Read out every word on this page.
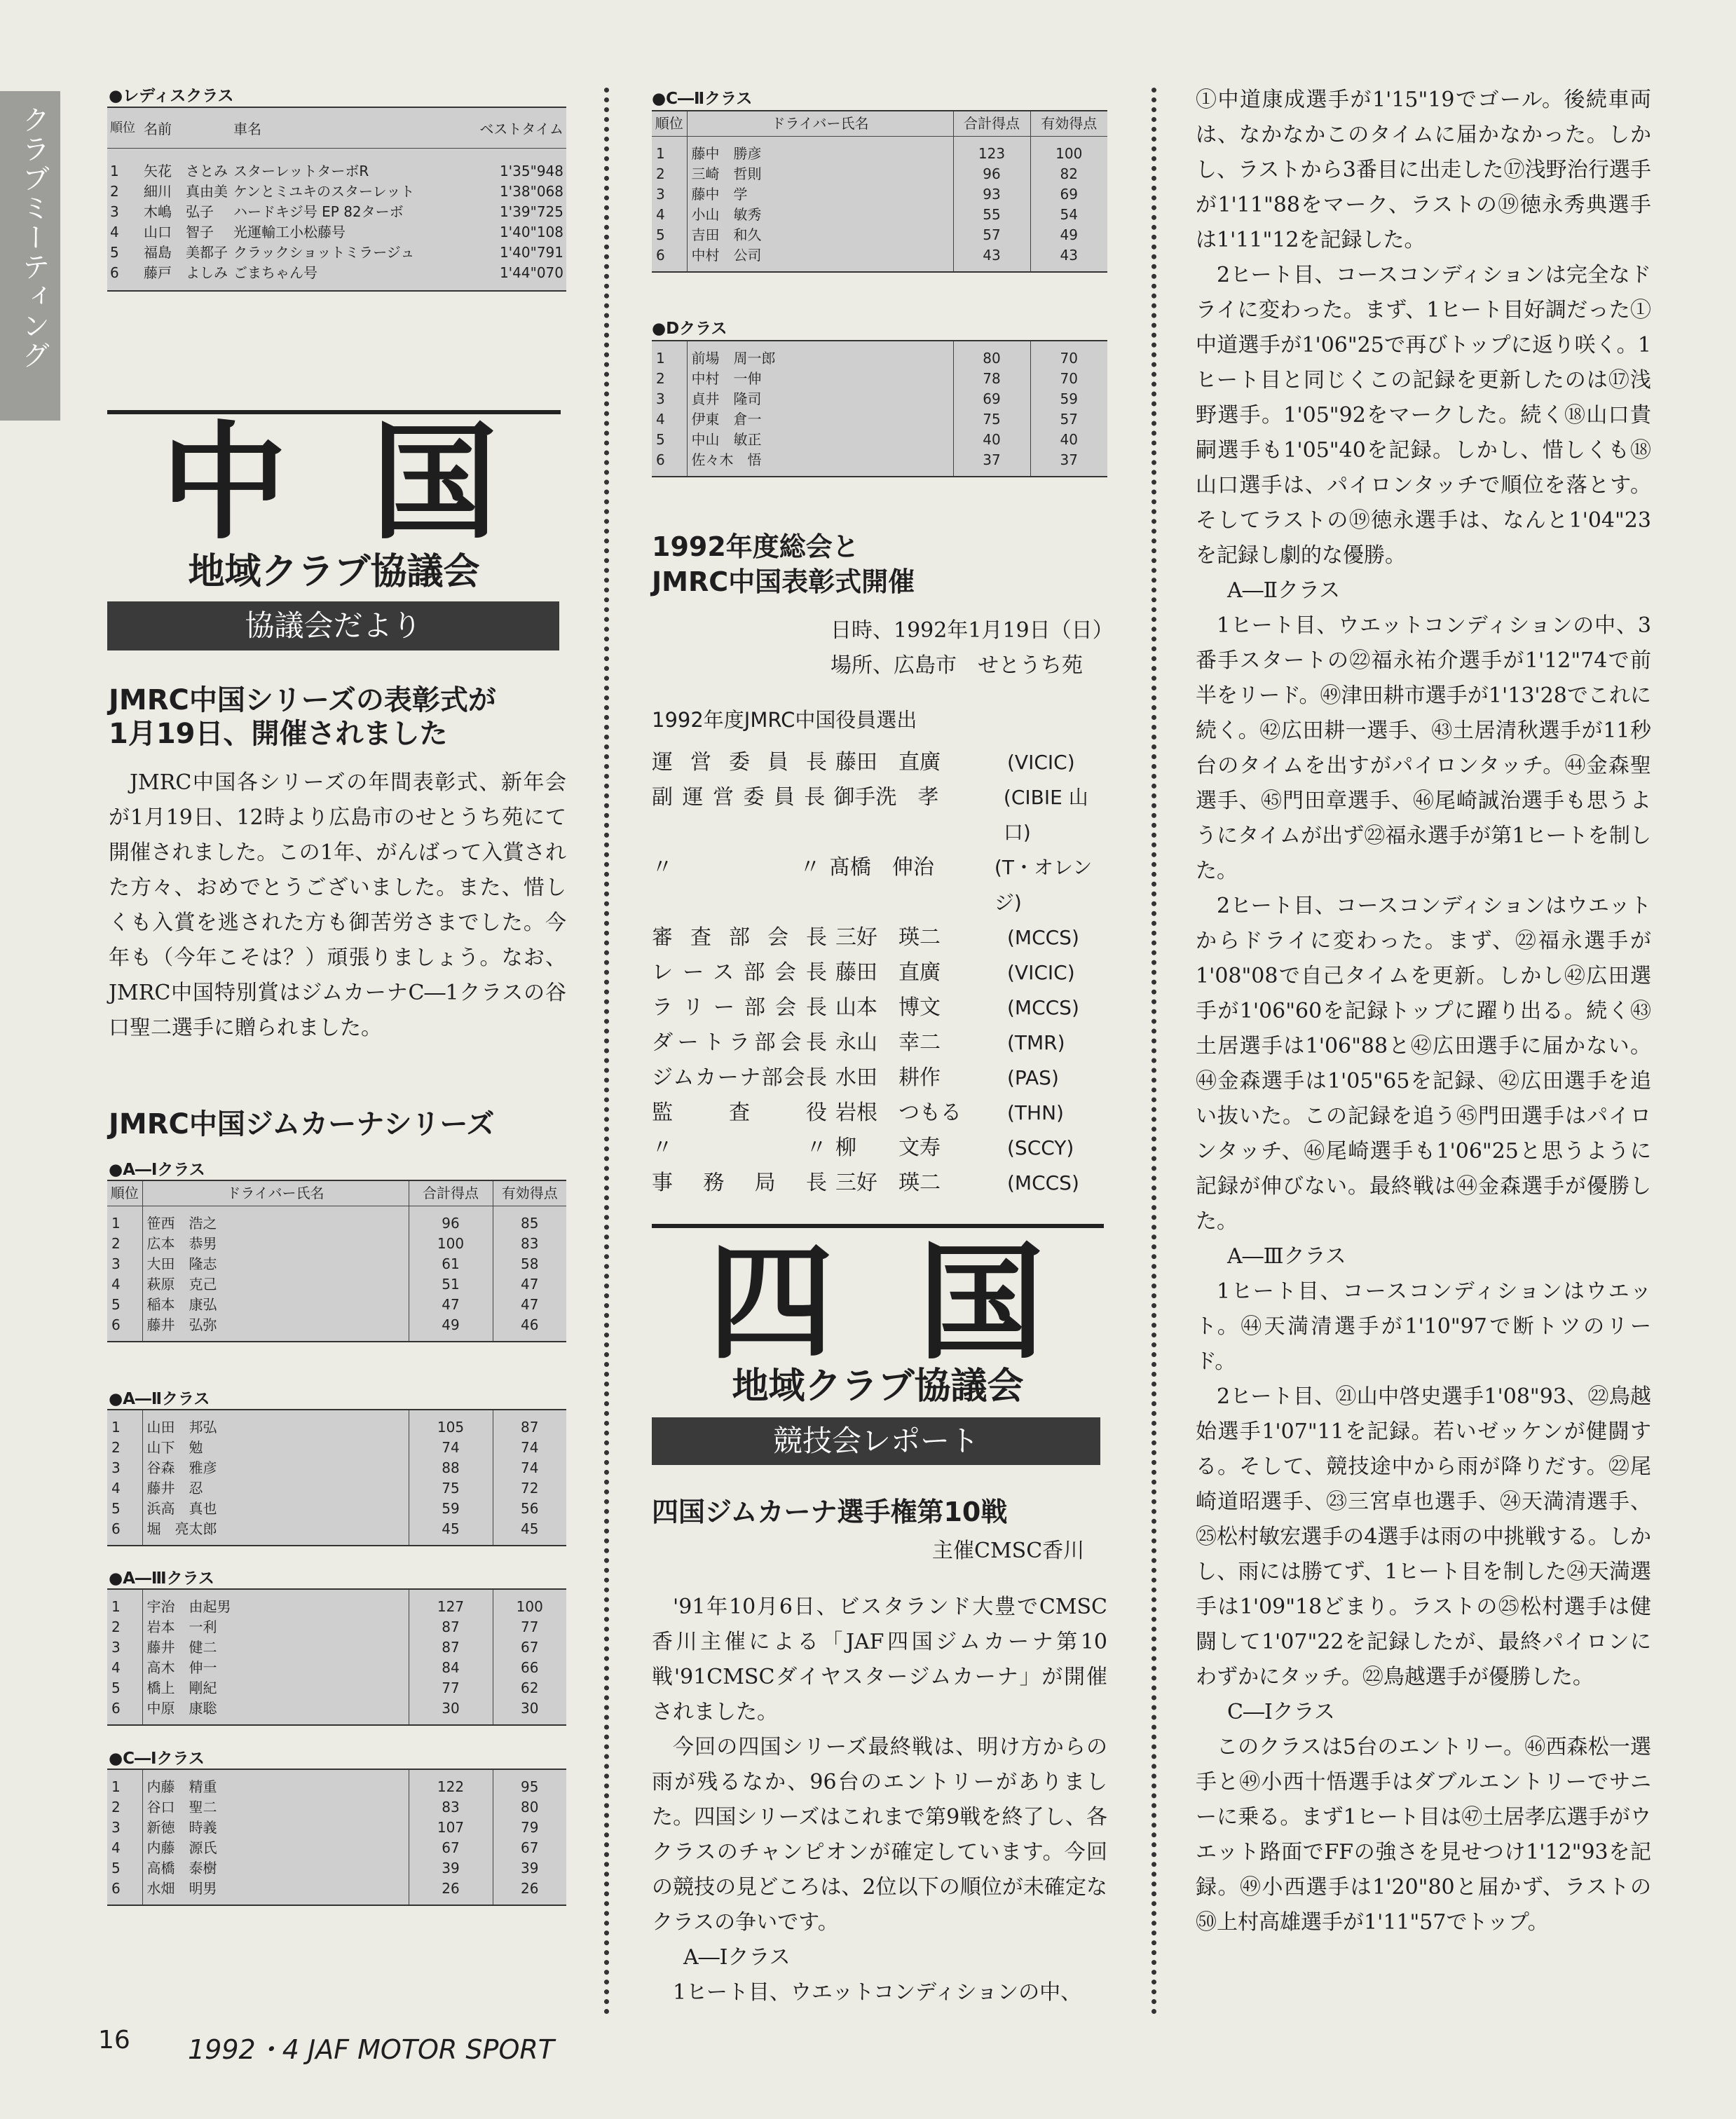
クラブミーティング
●レディスクラス
順位	名前	車名	ベストタイム
1	矢花　さとみ	スターレットターボR	1'35"948
2	細川　真由美	ケンとミユキのスターレット	1'38"068
3	木嶋　弘子	ハードキジ号 EP 82ターボ	1'39"725
4	山口　智子	光運輸工小松藤号	1'40"108
5	福島　美都子	クラックショットミラージュ	1'40"791
6	藤戸　よしみ	ごまちゃん号	1'44"070
中国
地域クラブ協議会
協議会だより
JMRC中国シリーズの表彰式が
1月19日、開催されました

JMRC中国各シリーズの年間表彰式、新年会が1月19日、12時より広島市のせとうち苑にて開催されました。この1年、がんばって入賞された方々、おめでとうございました。また、惜しくも入賞を逃された方も御苦労さまでした。今年も（今年こそは？）頑張りましょう。なお、JMRC中国特別賞はジムカーナC―1クラスの谷口聖二選手に贈られました。

JMRC中国ジムカーナシリーズ
●A―Ⅰクラス
順位	ドライバー氏名	合計得点	有効得点
1	笹西　浩之	96	85
2	広本　恭男	100	83
3	大田　隆志	61	58
4	萩原　克己	51	47
5	稲本　康弘	47	47
6	藤井　弘弥	49	46
●A―Ⅱクラス
1	山田　邦弘	105	87
2	山下　勉	74	74
3	谷森　雅彦	88	74
4	藤井　忍	75	72
5	浜高　真也	59	56
6	堀　亮太郎	45	45
●A―Ⅲクラス
1	宇治　由起男	127	100
2	岩本　一利	87	77
3	藤井　健二	87	67
4	高木　伸一	84	66
5	橋上　剛紀	77	62
6	中原　康聡	30	30
●C―Ⅰクラス
1	内藤　精重	122	95
2	谷口　聖二	83	80
3	新徳　時義	107	79
4	内藤　源氏	67	67
5	高橋　泰樹	39	39
6	水畑　明男	26	26
●C―Ⅱクラス
順位	ドライバー氏名	合計得点	有効得点
1	藤中　勝彦	123	100
2	三崎　哲則	96	82
3	藤中　学	93	69
4	小山　敏秀	55	54
5	吉田　和久	57	49
6	中村　公司	43	43
●Dクラス
1	前場　周一郎	80	70
2	中村　一伸	78	70
3	貞井　隆司	69	59
4	伊東　倉一	75	57
5	中山　敏正	40	40
6	佐々木　悟	37	37
1992年度総会と
JMRC中国表彰式開催
日時、1992年1月19日（日）
場所、広島市　せとうち苑
1992年度JMRC中国役員選出
運営委員長 藤田　直廣	(VICIC)
副運営委員長 御手洗　孝	(CIBIE 山口)
〃　　　〃 髙橋　伸治	(T・オレンジ)
審査部会長 三好　瑛二	(MCCS)
レース部会長 藤田　直廣	(VICIC)
ラリー部会長 山本　博文	(MCCS)
ダートラ部会長 永山　幸二	(TMR)
ジムカーナ部会長 水田　耕作	(PAS)
監査役 岩根　つもる	(THN)
〃　　　〃 柳　　文寿	(SCCY)
事務局長 三好　瑛二	(MCCS)
四国
地域クラブ協議会
競技会レポート
四国ジムカーナ選手権第10戦
主催CMSC香川

'91年10月6日、ビスタランド大豊でCMSC香川主催による「JAF四国ジムカーナ第10戦'91CMSCダイヤスタージムカーナ」が開催されました。

今回の四国シリーズ最終戦は、明け方からの雨が残るなか、96台のエントリーがありました。四国シリーズはこれまで第9戦を終了し、各クラスのチャンピオンが確定しています。今回の競技の見どころは、2位以下の順位が未確定なクラスの争いです。

A―Ⅰクラス

1ヒート目、ウエットコンディションの中、

①中道康成選手が1'15"19でゴール。後続車両は、なかなかこのタイムに届かなかった。しかし、ラストから3番目に出走した⑰浅野治行選手が1'11"88をマーク、ラストの⑲徳永秀典選手は1'11"12を記録した。

2ヒート目、コースコンディションは完全なドライに変わった。まず、1ヒート目好調だった①中道選手が1'06"25で再びトップに返り咲く。1ヒート目と同じくこの記録を更新したのは⑰浅野選手。1'05"92をマークした。続く⑱山口貴嗣選手も1'05"40を記録。しかし、惜しくも⑱山口選手は、パイロンタッチで順位を落とす。そしてラストの⑲徳永選手は、なんと1'04"23を記録し劇的な優勝。

A―Ⅱクラス

1ヒート目、ウエットコンディションの中、3番手スタートの㉒福永祐介選手が1'12"74で前半をリード。㊾津田耕市選手が1'13'28でこれに続く。㊷広田耕一選手、㊸土居清秋選手が11秒台のタイムを出すがパイロンタッチ。㊹金森聖選手、㊺門田章選手、㊻尾崎誠治選手も思うようにタイムが出ず㉒福永選手が第1ヒートを制した。

2ヒート目、コースコンディションはウエットからドライに変わった。まず、㉒福永選手が1'08"08で自己タイムを更新。しかし㊷広田選手が1'06"60を記録トップに躍り出る。続く㊸土居選手は1'06"88と㊷広田選手に届かない。㊹金森選手は1'05"65を記録、㊷広田選手を追い抜いた。この記録を追う㊺門田選手はパイロンタッチ、㊻尾崎選手も1'06"25と思うように記録が伸びない。最終戦は㊹金森選手が優勝した。

A―Ⅲクラス

1ヒート目、コースコンディションはウエット。㊹天満清選手が1'10"97で断トツのリード。

2ヒート目、㉑山中啓史選手1'08"93、㉒鳥越始選手1'07"11を記録。若いゼッケンが健闘する。そして、競技途中から雨が降りだす。㉒尾崎道昭選手、㉓三宮卓也選手、㉔天満清選手、㉕松村敏宏選手の4選手は雨の中挑戦する。しかし、雨には勝てず、1ヒート目を制した㉔天満選手は1'09"18どまり。ラストの㉕松村選手は健闘して1'07"22を記録したが、最終パイロンにわずかにタッチ。㉒鳥越選手が優勝した。

C―Ⅰクラス

このクラスは5台のエントリー。㊻西森松一選手と㊾小西十悟選手はダブルエントリーでサニーに乗る。まず1ヒート目は㊼土居孝広選手がウエット路面でFFの強さを見せつけ1'12"93を記録。㊾小西選手は1'20"80と届かず、ラストの㊿上村高雄選手が1'11"57でトップ。

16 1992・4 JAF MOTOR SPORT
